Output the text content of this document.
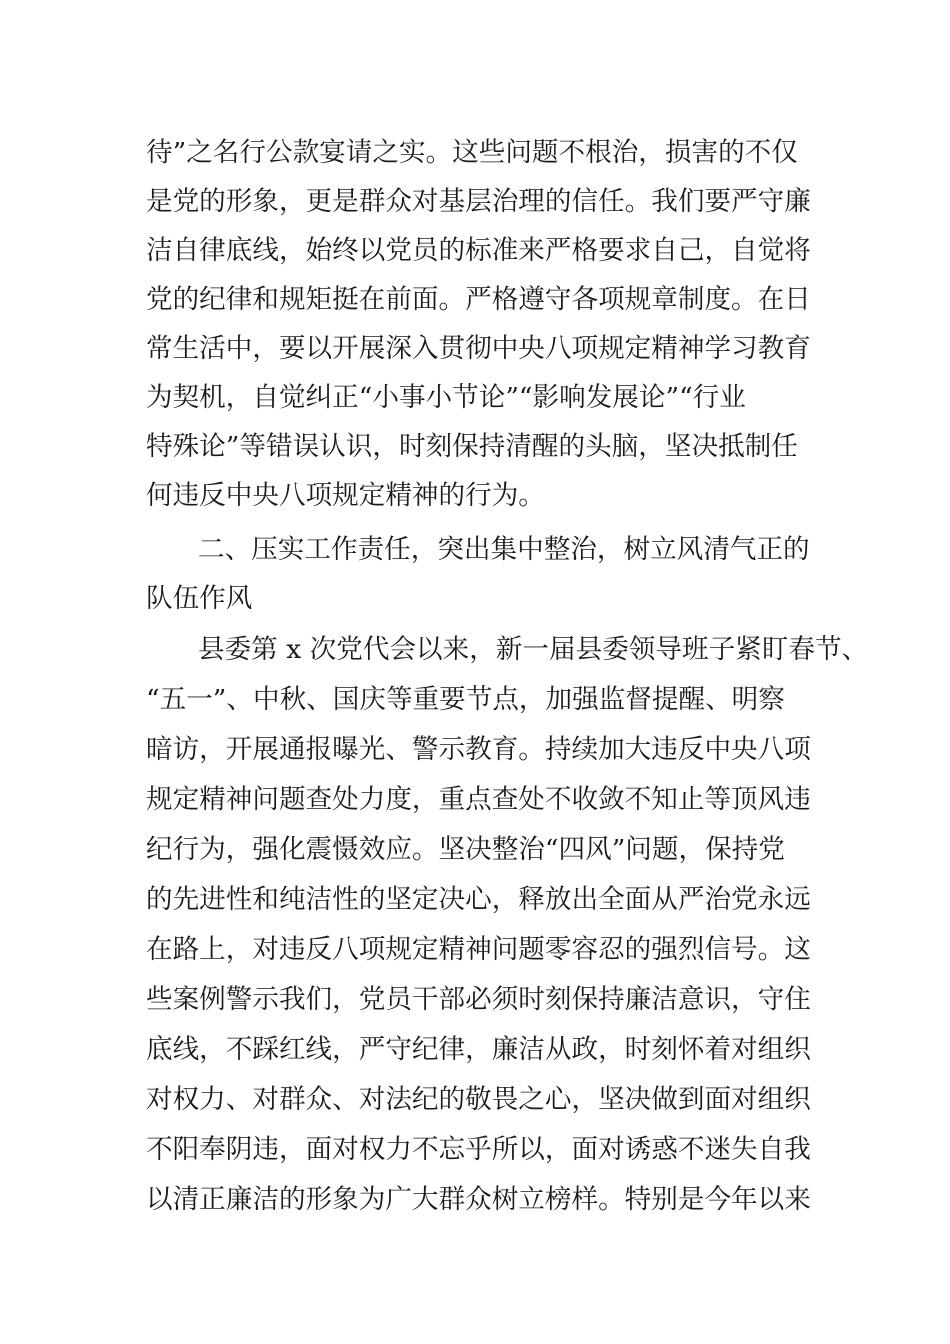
待”之名行公款宴请之实。这些问题不根治，损害的不仅
是党的形象，更是群众对基层治理的信任。我们要严守廉
洁自律底线，始终以党员的标准来严格要求自己，自觉将
党的纪律和规矩挺在前面。严格遵守各项规章制度。在日
常生活中，要以开展深入贯彻中央八项规定精神学习教育
为契机，自觉纠正“小事小节论”“影响发展论”“行业
特殊论”等错误认识，时刻保持清醒的头脑，坚决抵制任
何违反中央八项规定精神的行为。
二、压实工作责任，突出集中整治，树立风清气正的
队伍作风
县委第 x 次党代会以来，新一届县委领导班子紧盯春节、
“五一”、中秋、国庆等重要节点，加强监督提醒、明察
暗访，开展通报曝光、警示教育。持续加大违反中央八项
规定精神问题查处力度，重点查处不收敛不知止等顶风违
纪行为，强化震慑效应。坚决整治“四风”问题，保持党
的先进性和纯洁性的坚定决心，释放出全面从严治党永远
在路上，对违反八项规定精神问题零容忍的强烈信号。这
些案例警示我们，党员干部必须时刻保持廉洁意识，守住
底线，不踩红线，严守纪律，廉洁从政，时刻怀着对组织
对权力、对群众、对法纪的敬畏之心，坚决做到面对组织
不阳奉阴违，面对权力不忘乎所以，面对诱惑不迷失自我
以清正廉洁的形象为广大群众树立榜样。特别是今年以来
